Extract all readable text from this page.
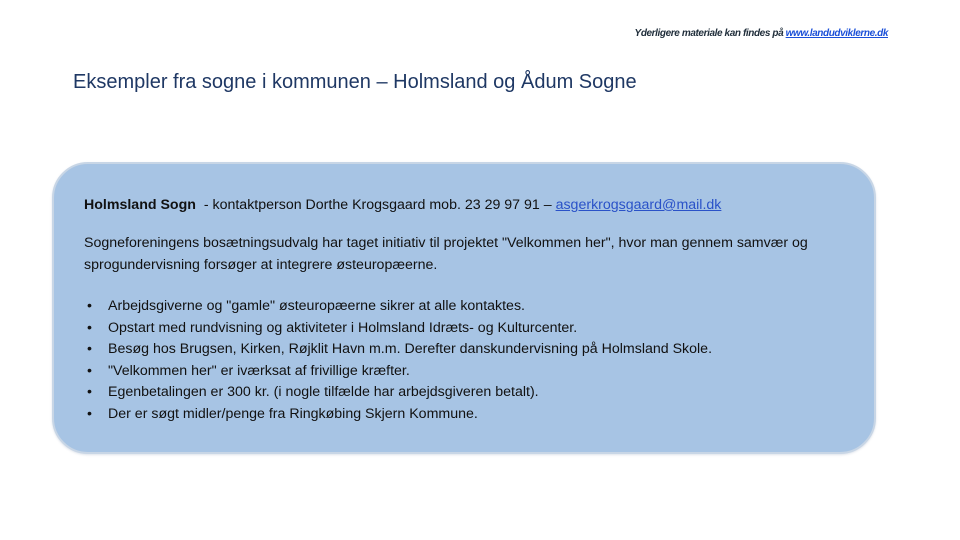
Yderligere materiale kan findes på www.landudviklerne.dk
Eksempler fra sogne i kommunen – Holmsland og Ådum Sogne

Holmsland Sogn  - kontaktperson Dorthe Krogsgaard mob. 23 29 97 91 – asgerkrogsgaard@mail.dk

Sogneforeningens bosætningsudvalg har taget initiativ til projektet "Velkommen her", hvor man gennem samvær og sprogundervisning forsøger at integrere østeuropæerne.

• Arbejdsgiverne og "gamle" østeuropæerne sikrer at alle kontaktes.
• Opstart med rundvisning og aktiviteter i Holmsland Idræts- og Kulturcenter.
• Besøg hos Brugsen, Kirken, Røjklit Havn m.m. Derefter danskundervisning på Holmsland Skole.
• "Velkommen her" er iværksat af frivillige kræfter.
• Egenbetalingen er 300 kr. (i nogle tilfælde har arbejdsgiveren betalt).
• Der er søgt midler/penge fra Ringkøbing Skjern Kommune.
